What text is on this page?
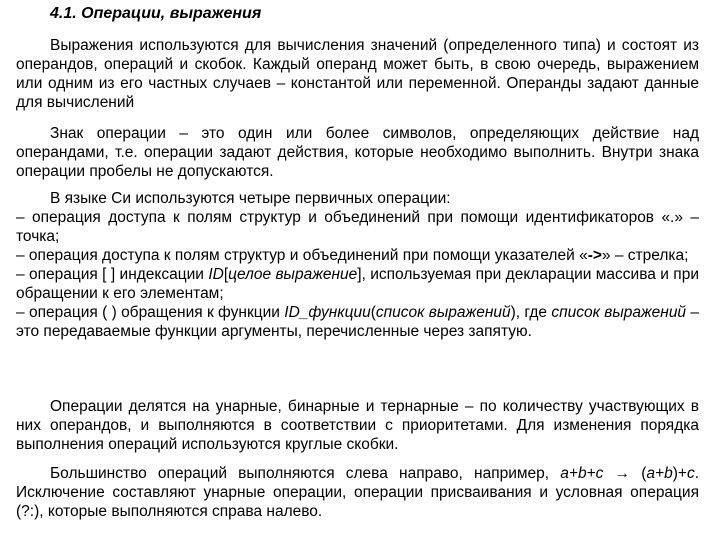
4.1. Операции, выражения

Выражения используются для вычисления значений (определенного типа) и состоят из операндов, операций и скобок. Каждый операнд может быть, в свою очередь, выражением или одним из его частных случаев – константой или переменной. Операнды задают данные для вычислений

Знак операции – это один или более символов, определяющих действие над операндами, т.е. операции задают действия, которые необходимо выполнить. Внутри знака операции пробелы не допускаются.

В языке Си используются четыре первичных операции:
– операция доступа к полям структур и объединений при помощи идентификаторов «.» – точка;
– операция доступа к полям структур и объединений при помощи указателей «->» – стрелка;
– операция [ ] индексации ID[целое выражение], используемая при декларации массива и при обращении к его элементам;
– операция ( ) обращения к функции ID_функции(список выражений), где список выражений – это передаваемые функции аргументы, перечисленные через запятую.

Операции делятся на унарные, бинарные и тернарные – по количеству участвующих в них операндов, и выполняются в соответствии с приоритетами. Для изменения порядка выполнения операций используются круглые скобки.

Большинство операций выполняются слева направо, например, a+b+c → (a+b)+c. Исключение составляют унарные операции, операции присваивания и условная операция (?:), которые выполняются справа налево.
